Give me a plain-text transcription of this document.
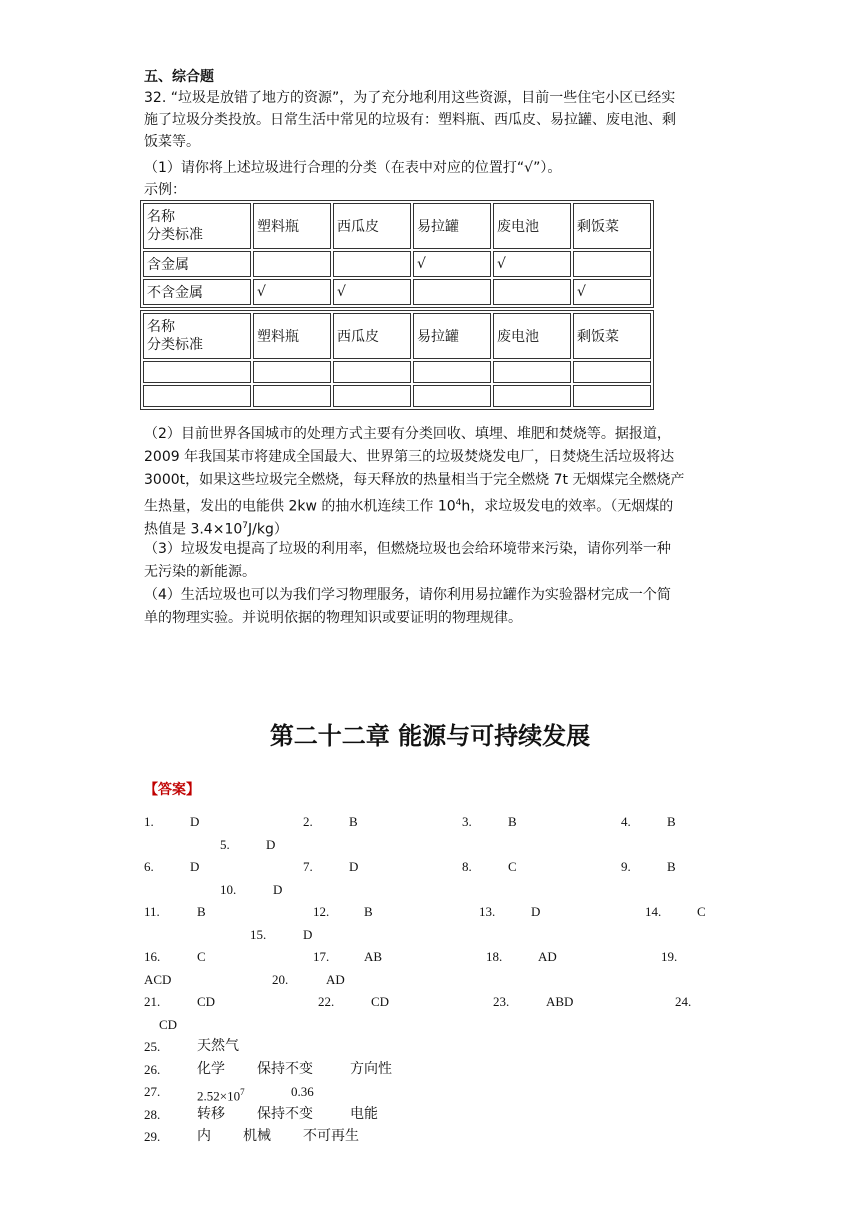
五、综合题
32. “垃圾是放错了地方的资源”，为了充分地利用这些资源，目前一些住宅小区已经实
施了垃圾分类投放。日常生活中常见的垃圾有：塑料瓶、西瓜皮、易拉罐、废电池、剩
饭菜等。
（1）请你将上述垃圾进行合理的分类（在表中对应的位置打“√”）。
示例：
名称
分类标准	塑料瓶	西瓜皮	易拉罐	废电池	剩饭菜
含金属			√	√	
不含金属	√	√			√
名称
分类标准	塑料瓶	西瓜皮	易拉罐	废电池	剩饭菜

（2）目前世界各国城市的处理方式主要有分类回收、填埋、堆肥和焚烧等。据报道，
2009 年我国某市将建成全国最大、世界第三的垃圾焚烧发电厂，日焚烧生活垃圾将达
3000t，如果这些垃圾完全燃烧，每天释放的热量相当于完全燃烧 7t 无烟煤完全燃烧产
生热量，发出的电能供 2kw 的抽水机连续工作 $10^4h$，求垃圾发电的效率。（无烟煤的
热值是 $3.4\times 10^7J/kg$）
（3）垃圾发电提高了垃圾的利用率，但燃烧垃圾也会给环境带来污染，请你列举一种
无污染的新能源。
（4）生活垃圾也可以为我们学习物理服务，请你利用易拉罐作为实验器材完成一个简
单的物理实验。并说明依据的物理知识或要证明的物理规律。
第二十二章 能源与可持续发展
【答案】
1.	D	2.	B	3.	B	4.	B
5.	D
6.	D	7.	D	8.	C	9.	B
10.	D
11.	B	12.	B	13.	D	14.	C
15.	D
16.	C	17.	AB	18.	AD	19.
ACD	20.	AD
21.	CD	22.	CD	23.	ABD	24.
CD
25.	天然气
26.	化学 保持不变	方向性
27.	$2.52\times 10^7$	0.36
28.	转移 保持不变	电能
29.	内 机械 不可再生
